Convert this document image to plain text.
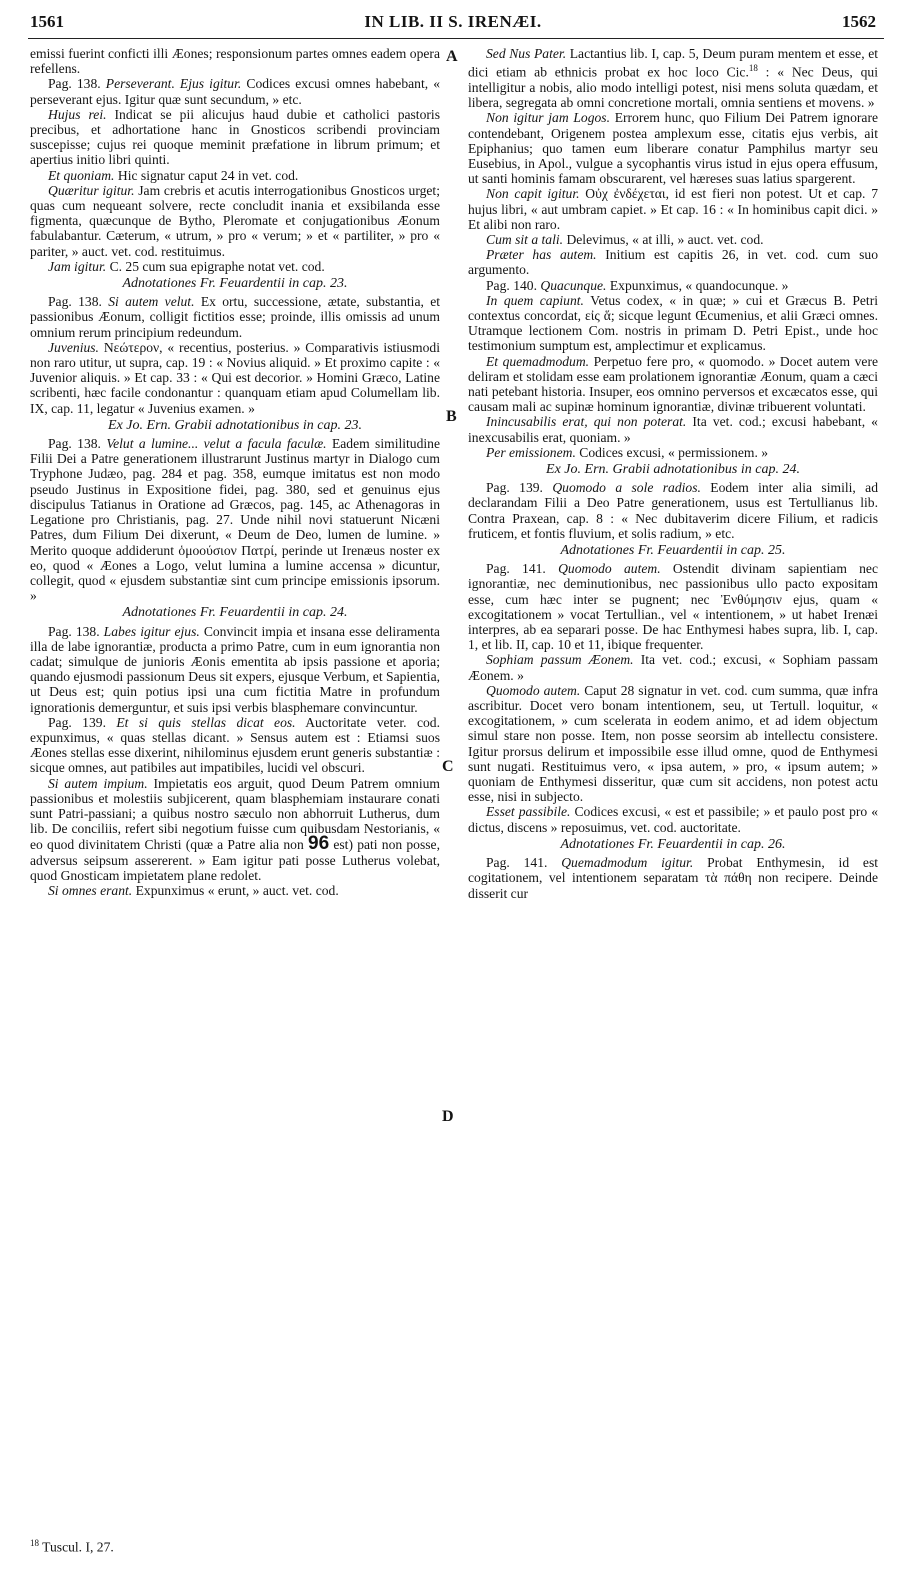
1561	IN LIB. II S. IRENÆI.	1562
A
B
C
D

emissi fuerint conficti illi Æones; responsionum partes omnes eadem opera refellens.

Pag. 138. Perseverant. Ejus igitur. Codices excusi omnes habebant, « perseverant ejus. Igitur quæ sunt secundum, » etc.

Hujus rei. Indicat se pii alicujus haud dubie et catholici pastoris precibus, et adhortatione hanc in Gnosticos scribendi provinciam suscepisse; cujus rei quoque meminit præfatione in librum primum; et apertius initio libri quinti.

Et quoniam. Hic signatur caput 24 in vet. cod.

Quæritur igitur. Jam crebris et acutis interrogationibus Gnosticos urget; quas cum nequeant solvere, recte concludit inania et exsibilanda esse figmenta, quæcunque de Bytho, Pleromate et conjugationibus Æonum fabulabantur. Cæterum, « utrum, » pro « verum; » et « partiliter, » pro « pariter, » auct. vet. cod. restituimus.

Jam igitur. C. 25 cum sua epigraphe notat vet. cod.

Adnotationes Fr. Feuardentii in cap. 23.

Pag. 138. Si autem velut. Ex ortu, successione, ætate, substantia, et passionibus Æonum, colligit fictitios esse; proinde, illis omissis ad unum omnium rerum principium redeundum.

Juvenius. Νεώτερον, « recentius, posterius. » Comparativis istiusmodi non raro utitur, ut supra, cap. 19 : « Novius aliquid. » Et proximo capite : « Juvenior aliquis. » Et cap. 33 : « Qui est decorior. » Homini Græco, Latine scribenti, hæc facile condonantur : quanquam etiam apud Columellam lib. IX, cap. 11, legatur « Juvenius examen. »

Ex Jo. Ern. Grabii adnotationibus in cap. 23.

Pag. 138. Velut a lumine... velut a facula faculæ. Eadem similitudine Filii Dei a Patre generationem illustrarunt Justinus martyr in Dialogo cum Tryphone Judæo, pag. 284 et pag. 358, eumque imitatus est non modo pseudo Justinus in Expositione fidei, pag. 380, sed et genuinus ejus discipulus Tatianus in Oratione ad Græcos, pag. 145, ac Athenagoras in Legatione pro Christianis, pag. 27. Unde nihil novi statuerunt Nicæni Patres, dum Filium Dei dixerunt, « Deum de Deo, lumen de lumine. » Merito quoque addiderunt ὁμοούσιον Πατρί, perinde ut Irenæus noster ex eo, quod « Æones a Logo, velut lumina a lumine accensa » dicuntur, collegit, quod « ejusdem substantiæ sint cum principe emissionis ipsorum. »

Adnotationes Fr. Feuardentii in cap. 24.

Pag. 138. Labes igitur ejus. Convincit impia et insana esse deliramenta illa de labe ignorantiæ, producta a primo Patre, cum in eum ignorantia non cadat; simulque de junioris Æonis ementita ab ipsis passione et aporia; quando ejusmodi passionum Deus sit expers, ejusque Verbum, et Sapientia, ut Deus est; quin potius ipsi una cum fictitia Matre in profundum ignorationis demerguntur, et suis ipsi verbis blasphemare convincuntur.

Pag. 139. Et si quis stellas dicat eos. Auctoritate veter. cod. expunximus, « quas stellas dicant. » Sensus autem est : Etiamsi suos Æones stellas esse dixerint, nihilominus ejusdem erunt generis substantiæ : sicque omnes, aut patibiles aut impatibiles, lucidi vel obscuri.

Si autem impium. Impietatis eos arguit, quod Deum Patrem omnium passionibus et molestiis subjicerent, quam blasphemiam instaurare conati sunt Patri-passiani; a quibus nostro sæculo non abhorruit Lutherus, dum lib. De conciliis, refert sibi negotium fuisse cum quibusdam Nestorianis, « eo quod divinitatem Christi (quæ a Patre alia non 96 est) pati non posse, adversus seipsum assererent. » Eam igitur pati posse Lutherus volebat, quod Gnosticam impietatem plane redolet.

Si omnes erant. Expunximus « erunt, » auct. vet. cod.

Sed Nus Pater. Lactantius lib. I, cap. 5, Deum puram mentem et esse, et dici etiam ab ethnicis probat ex hoc loco Cic.$^{18}$ : « Nec Deus, qui intelligitur a nobis, alio modo intelligi potest, nisi mens soluta quædam, et libera, segregata ab omni concretione mortali, omnia sentiens et movens. »

Non igitur jam Logos. Errorem hunc, quo Filium Dei Patrem ignorare contendebant, Origenem postea amplexum esse, citatis ejus verbis, ait Epiphanius; quo tamen eum liberare conatur Pamphilus martyr seu Eusebius, in Apol., vulgue a sycophantis virus istud in ejus opera effusum, ut santi hominis famam obscurarent, vel hæreses suas latius spargerent.

Non capit igitur. Οὐχ ἐνδέχεται, id est fieri non potest. Ut et cap. 7 hujus libri, « aut umbram capiet. » Et cap. 16 : « In hominibus capit dici. » Et alibi non raro.

Cum sit a tali. Delevimus, « at illi, » auct. vet. cod.

Præter has autem. Initium est capitis 26, in vet. cod. cum suo argumento.

Pag. 140. Quacunque. Expunximus, « quandocunque. »

In quem capiunt. Vetus codex, « in quæ; » cui et Græcus B. Petri contextus concordat, εἰς ἅ; sicque legunt Œcumenius, et alii Græci omnes. Utramque lectionem Com. nostris in primam D. Petri Epist., unde hoc testimonium sumptum est, amplectimur et explicamus.

Et quemadmodum. Perpetuo fere pro, « quomodo. » Docet autem vere deliram et stolidam esse eam prolationem ignorantiæ Æonum, quam a cæci nati petebant historia. Insuper, eos omnino perversos et excæcatos esse, qui causam mali ac supinæ hominum ignorantiæ, divinæ tribuerent voluntati.

Inincusabilis erat, qui non poterat. Ita vet. cod.; excusi habebant, « inexcusabilis erat, quoniam. »

Per emissionem. Codices excusi, « permissionem. »

Ex Jo. Ern. Grabii adnotationibus in cap. 24.

Pag. 139. Quomodo a sole radios. Eodem inter alia simili, ad declarandam Filii a Deo Patre generationem, usus est Tertullianus lib. Contra Praxean, cap. 8 : « Nec dubitaverim dicere Filium, et radicis fruticem, et fontis fluvium, et solis radium, » etc.

Adnotationes Fr. Feuardentii in cap. 25.

Pag. 141. Quomodo autem. Ostendit divinam sapientiam nec ignorantiæ, nec deminutionibus, nec passionibus ullo pacto expositam esse, cum hæc inter se pugnent; nec Ἐνθύμησιν ejus, quam « excogitationem » vocat Tertullian., vel « intentionem, » ut habet Irenæi interpres, ab ea separari posse. De hac Enthymesi habes supra, lib. I, cap. 1, et lib. II, cap. 10 et 11, ibique frequenter.

Sophiam passum Æonem. Ita vet. cod.; excusi, « Sophiam passam Æonem. »

Quomodo autem. Caput 28 signatur in vet. cod. cum summa, quæ infra ascribitur. Docet vero bonam intentionem, seu, ut Tertull. loquitur, « excogitationem, » cum scelerata in eodem animo, et ad idem objectum simul stare non posse. Item, non posse seorsim ab intellectu consistere. Igitur prorsus delirum et impossibile esse illud omne, quod de Enthymesi sunt nugati. Restituimus vero, « ipsa autem, » pro, « ipsum autem; » quoniam de Enthymesi disseritur, quæ cum sit accidens, non potest actu esse, nisi in subjecto.

Esset passibile. Codices excusi, « est et passibile; » et paulo post pro « dictus, discens » reposuimus, vet. cod. auctoritate.

Adnotationes Fr. Feuardentii in cap. 26.

Pag. 141. Quemadmodum igitur. Probat Enthymesin, id est cogitationem, vel intentionem separatam τὰ πάθη non recipere. Deinde disserit cur

$^{18}$ Tuscul. I, 27.
